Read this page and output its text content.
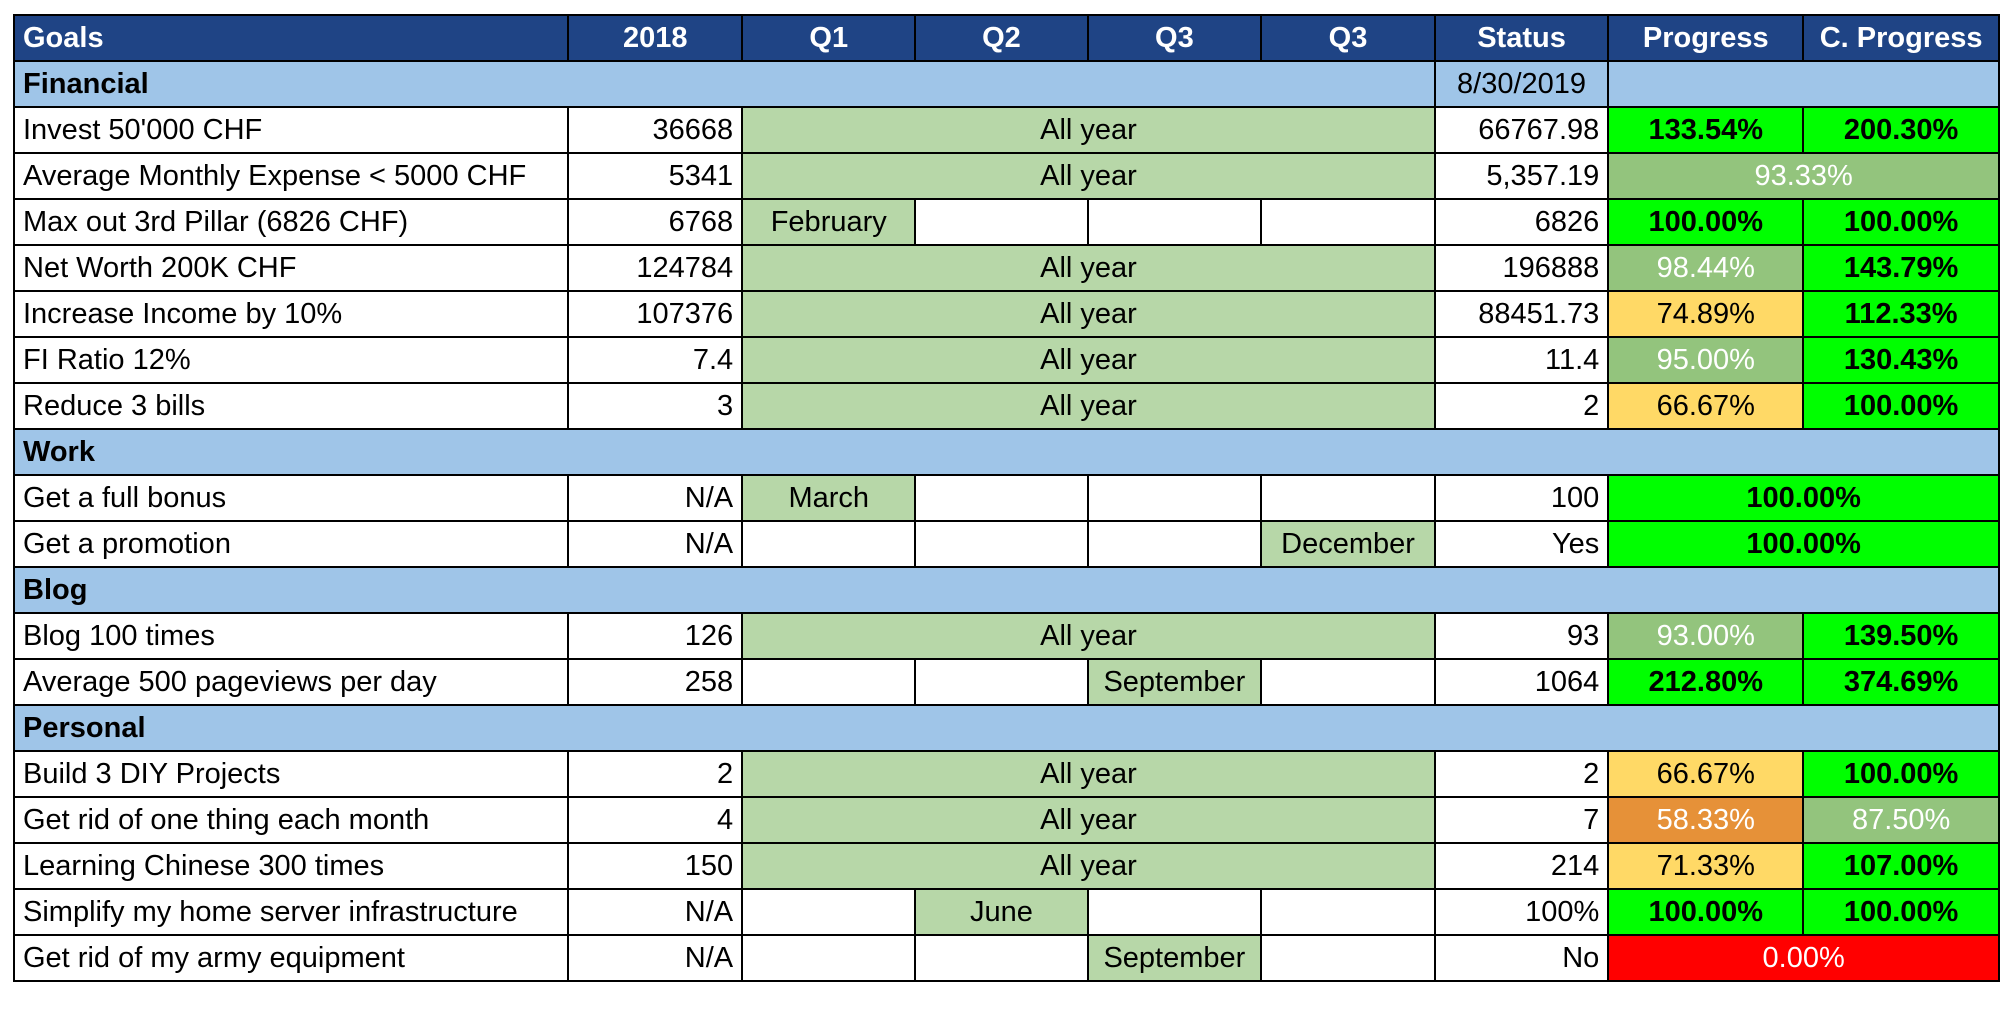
Goals	2018	Q1	Q2	Q3	Q3	Status	Progress	C. Progress
Financial						8/30/2019		
Invest 50'000 CHF	36668	All year				66767.98	133.54%	200.30%
Average Monthly Expense < 5000 CHF	5341	All year				5,357.19	93.33%	
Max out 3rd Pillar (6826 CHF)	6768	February				6826	100.00%	100.00%
Net Worth 200K CHF	124784	All year				196888	98.44%	143.79%
Increase Income by 10%	107376	All year				88451.73	74.89%	112.33%
FI Ratio 12%	7.4	All year				11.4	95.00%	130.43%
Reduce 3 bills	3	All year				2	66.67%	100.00%
Work								
Get a full bonus	N/A	March				100	100.00%	
Get a promotion	N/A				December	Yes	100.00%	
Blog								
Blog 100 times	126	All year				93	93.00%	139.50%
Average 500 pageviews per day	258			September		1064	212.80%	374.69%
Personal								
Build 3 DIY Projects	2	All year				2	66.67%	100.00%
Get rid of one thing each month	4	All year				7	58.33%	87.50%
Learning Chinese 300 times	150	All year				214	71.33%	107.00%
Simplify my home server infrastructure	N/A		June			100%	100.00%	100.00%
Get rid of my army equipment	N/A			September		No	0.00%	
